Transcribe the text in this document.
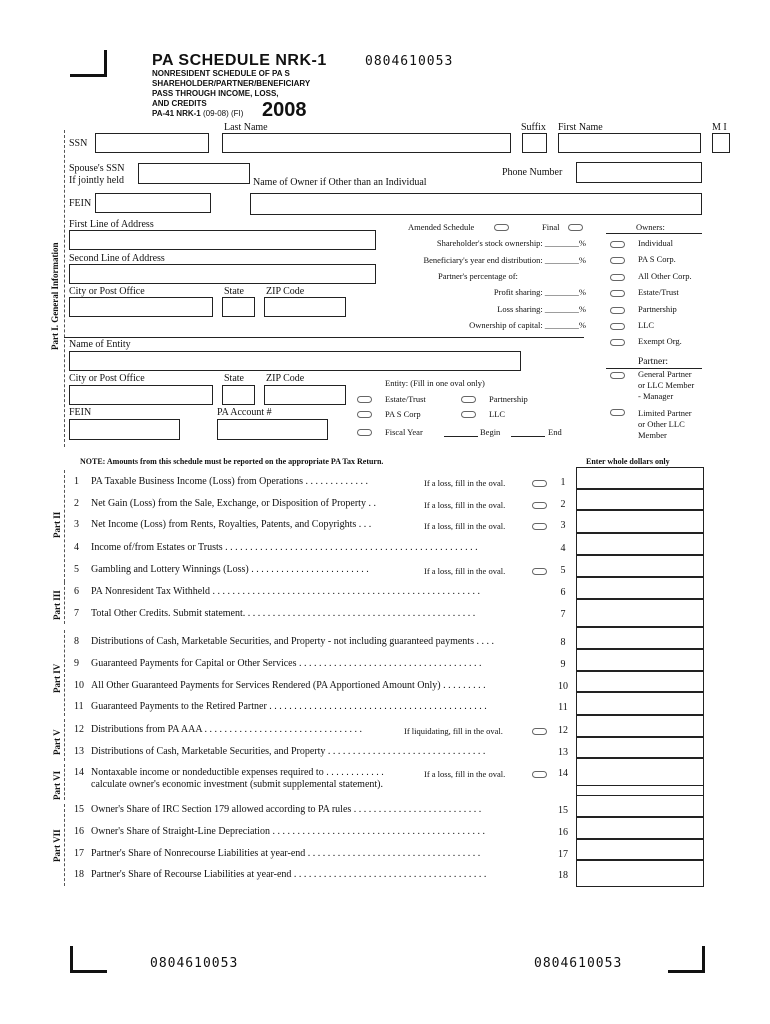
PA SCHEDULE NRK-1	0804610053
NONRESIDENT SCHEDULE OF PA S
SHAREHOLDER/PARTNER/BENEFICIARY
PASS THROUGH INCOME, LOSS,
AND CREDITS
PA-41 NRK-1 (09-08) (FI) 2008
Part I. General Information
SSN
Last Name	Suffix First Name	M I
Spouse's SSN
If jointly held	Name of Owner if Other than an Individual
Phone Number
FEIN
First Line of Address
Second Line of Address
City or Post Office	State ZIP Code
Amended Schedule	Final
Shareholder's stock ownership: ________%
Beneficiary's year end distribution: ________%
Partner's percentage of:
Profit sharing: ________%
Loss sharing: ________%
Ownership of capital: ________%
Owners:
Individual
PA S Corp.
All Other Corp.
Estate/Trust
Partnership
LLC
Exempt Org.
Partner:
General Partner
or LLC Member
- Manager
Limited Partner
or Other LLC
Member
Name of Entity
City or Post Office	State ZIP Code
FEIN	PA Account #
Entity: (Fill in one oval only)
Estate/Trust	Partnership
PA S Corp	LLC
Fiscal Year	Begin	End
NOTE: Amounts from this schedule must be reported on the appropriate PA Tax Return.	Enter whole dollars only
Part II
Part III
Part IV
Part V
Part VI
Part VII
1 PA Taxable Business Income (Loss) from Operations . . . . . . . . . . . . .	If a loss, fill in the oval.	1
2 Net Gain (Loss) from the Sale, Exchange, or Disposition of Property . .	If a loss, fill in the oval.	2
3 Net Income (Loss) from Rents, Royalties, Patents, and Copyrights . . .	If a loss, fill in the oval.	3
4 Income of/from Estates or Trusts . . . . . . . . . . . . . . . . . . . . . . . . . . . . . . . . . . . . . . . . . . . . . . . . . . .	4
5 Gambling and Lottery Winnings (Loss) . . . . . . . . . . . . . . . . . . . . . . . .	If a loss, fill in the oval.	5
6 PA Nonresident Tax Withheld . . . . . . . . . . . . . . . . . . . . . . . . . . . . . . . . . . . . . . . . . . . . . . . . . . . . . .	6
7 Total Other Credits. Submit statement. . . . . . . . . . . . . . . . . . . . . . . . . . . . . . . . . . . . . . . . . . . . . . .	7
8 Distributions of Cash, Marketable Securities, and Property - not including guaranteed payments . . . .	8
9 Guaranteed Payments for Capital or Other Services . . . . . . . . . . . . . . . . . . . . . . . . . . . . . . . . . . . . .	9
10 All Other Guaranteed Payments for Services Rendered (PA Apportioned Amount Only) . . . . . . . . .	10
11 Guaranteed Payments to the Retired Partner . . . . . . . . . . . . . . . . . . . . . . . . . . . . . . . . . . . . . . . . . . . .	11
12 Distributions from PA AAA . . . . . . . . . . . . . . . . . . . . . . . . . . . . . . . .	If liquidating, fill in the oval.	12
13 Distributions of Cash, Marketable Securities, and Property . . . . . . . . . . . . . . . . . . . . . . . . . . . . . . . .	13
14 Nontaxable income or nondeductible expenses required to . . . . . . . . . . . .
calculate owner's economic investment (submit supplemental statement).
If a loss, fill in the oval.	14
15 Owner's Share of IRC Section 179 allowed according to PA rules . . . . . . . . . . . . . . . . . . . . . . . . . .	15
16 Owner's Share of Straight-Line Depreciation . . . . . . . . . . . . . . . . . . . . . . . . . . . . . . . . . . . . . . . . . . .	16
17 Partner's Share of Nonrecourse Liabilities at year-end . . . . . . . . . . . . . . . . . . . . . . . . . . . . . . . . . . .	17
18 Partner's Share of Recourse Liabilities at year-end . . . . . . . . . . . . . . . . . . . . . . . . . . . . . . . . . . . . . . .	18
0804610053	0804610053
